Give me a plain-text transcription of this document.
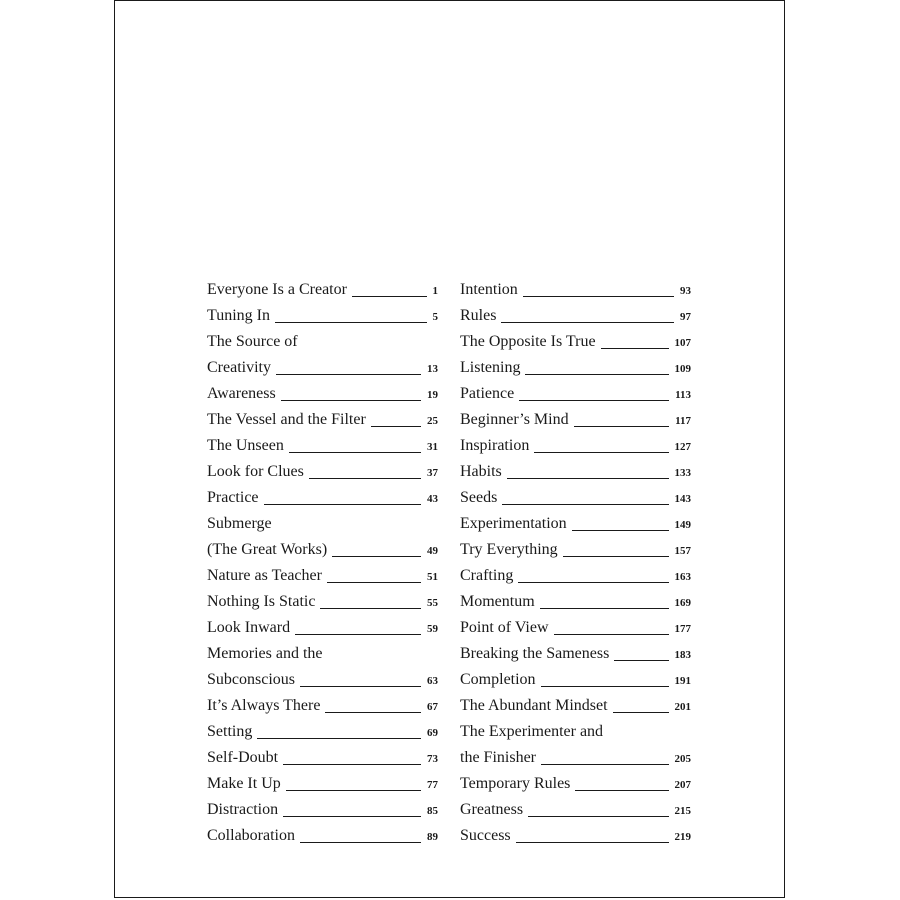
Everyone Is a Creator	1
Tuning In	5
The Source of
Creativity	13
Awareness	19
The Vessel and the Filter	25
The Unseen	31
Look for Clues	37
Practice	43
Submerge
(The Great Works)	49
Nature as Teacher	51
Nothing Is Static	55
Look Inward	59
Memories and the
Subconscious	63
It’s Always There	67
Setting	69
Self-Doubt	73
Make It Up	77
Distraction	85
Collaboration	89
Intention	93
Rules	97
The Opposite Is True	107
Listening	109
Patience	113
Beginner’s Mind	117
Inspiration	127
Habits	133
Seeds	143
Experimentation	149
Try Everything	157
Crafting	163
Momentum	169
Point of View	177
Breaking the Sameness	183
Completion	191
The Abundant Mindset	201
The Experimenter and
the Finisher	205
Temporary Rules	207
Greatness	215
Success	219
